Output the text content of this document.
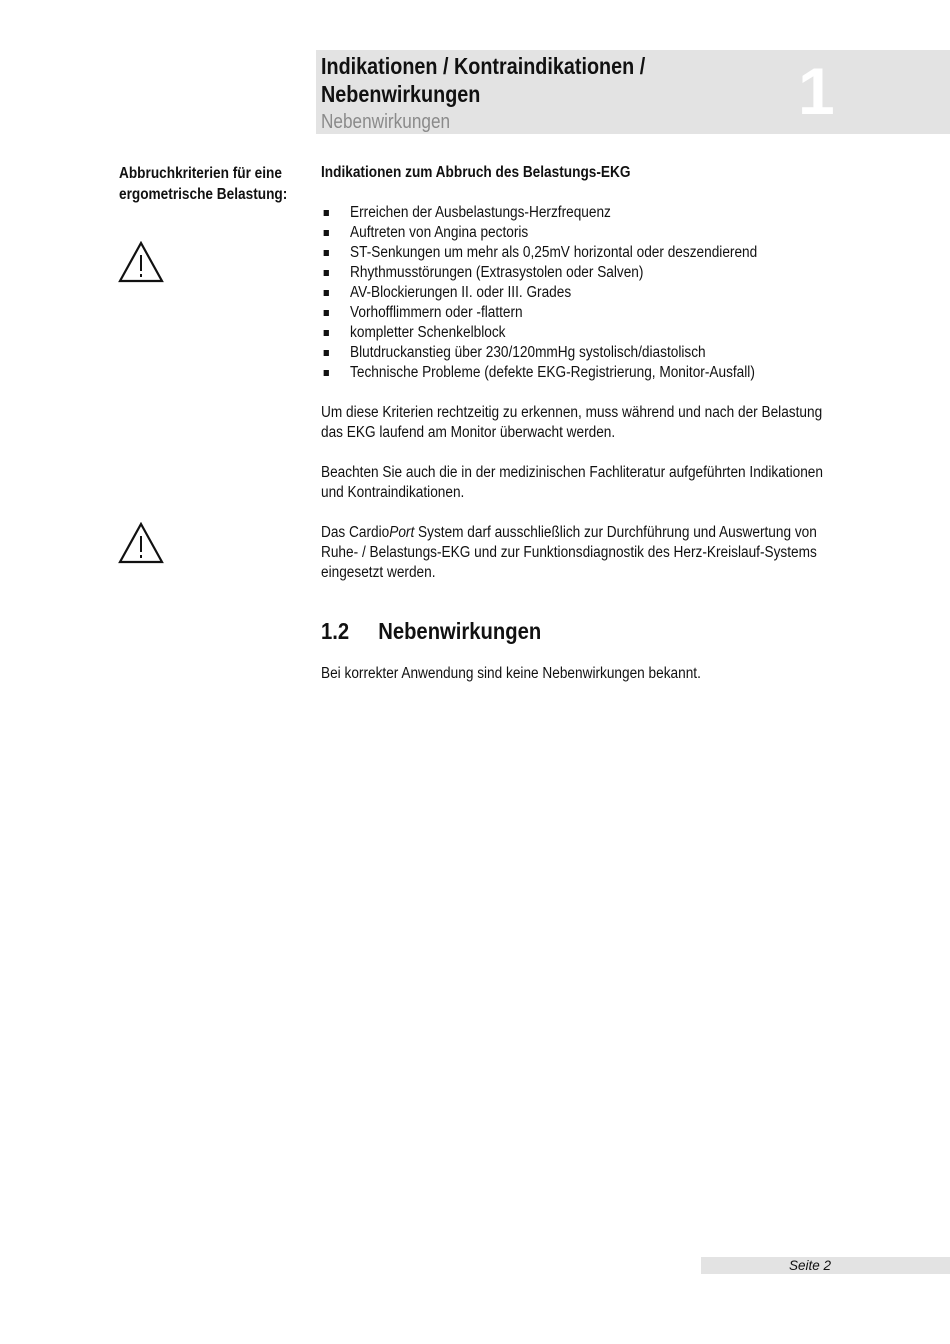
Indikationen / Kontraindikationen / Nebenwirkungen
Nebenwirkungen	1
Abbruchkriterien für eine ergometrische Belastung:

Indikationen zum Abbruch des Belastungs-EKG

Erreichen der Ausbelastungs-Herzfrequenz
Auftreten von Angina pectoris
ST-Senkungen um mehr als 0,25mV horizontal oder deszendierend
Rhythmusstörungen (Extrasystolen oder Salven)
AV-Blockierungen II. oder III. Grades
Vorhofflimmern oder -flattern
kompletter Schenkelblock
Blutdruckanstieg über 230/120mmHg systolisch/diastolisch
Technische Probleme (defekte EKG-Registrierung, Monitor-Ausfall)

Um diese Kriterien rechtzeitig zu erkennen, muss während und nach der Belastung das EKG laufend am Monitor überwacht werden.

Beachten Sie auch die in der medizinischen Fachliteratur aufgeführten Indikationen und Kontraindikationen.

Das CardioPort System darf ausschließlich zur Durchführung und Auswertung von Ruhe- / Belastungs-EKG und zur Funktionsdiagnostik des Herz-Kreislauf-Systems eingesetzt werden.

1.2 Nebenwirkungen
Bei korrekter Anwendung sind keine Nebenwirkungen bekannt.
Seite 2
